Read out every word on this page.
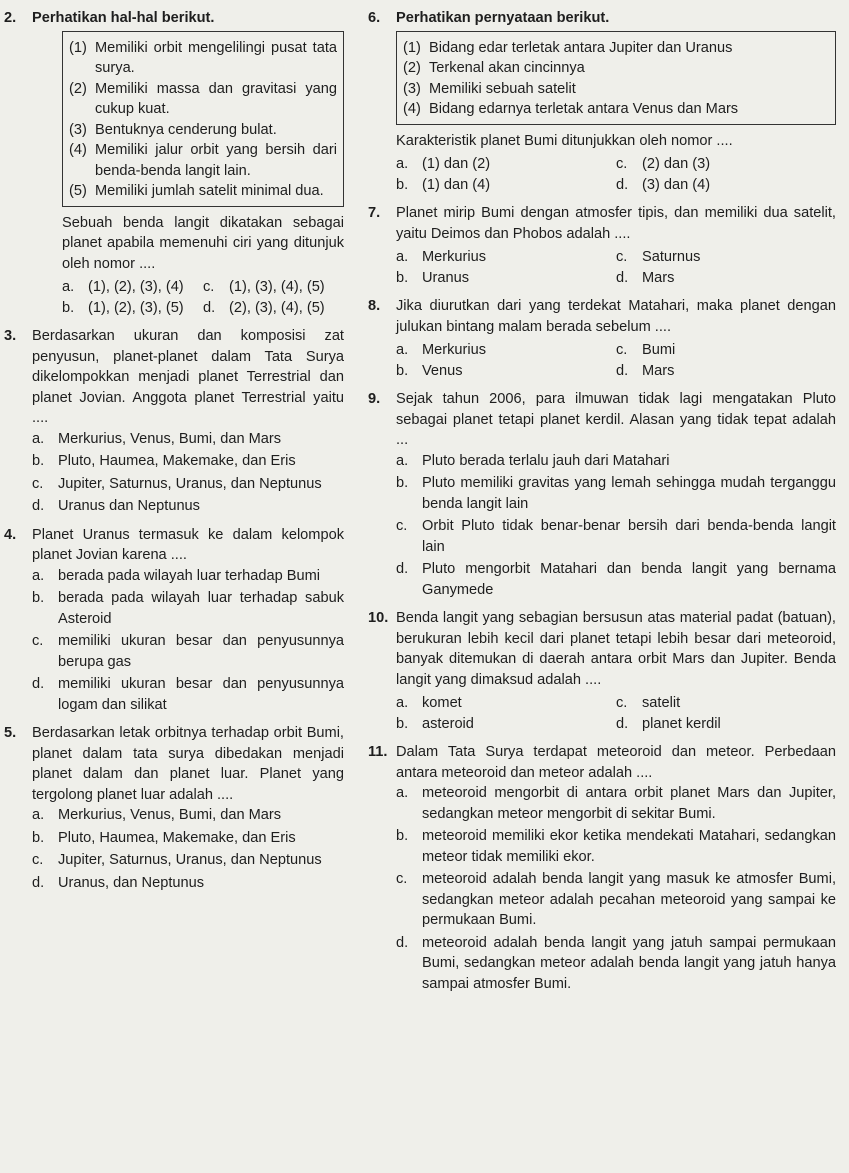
2. Perhatikan hal-hal berikut.
(1) Memiliki orbit mengelilingi pusat tata surya.
(2) Memiliki massa dan gravitasi yang cukup kuat.
(3) Bentuknya cenderung bulat.
(4) Memiliki jalur orbit yang bersih dari benda-benda langit lain.
(5) Memiliki jumlah satelit minimal dua.
Sebuah benda langit dikatakan sebagai planet apabila memenuhi ciri yang ditunjuk oleh nomor ....
a. (1), (2), (3), (4)	c. (1), (3), (4), (5)
b. (1), (2), (3), (5)	d. (2), (3), (4), (5)
3. Berdasarkan ukuran dan komposisi zat penyusun, planet-planet dalam Tata Surya dikelompokkan menjadi planet Terrestrial dan planet Jovian. Anggota planet Terrestrial yaitu ....
a. Merkurius, Venus, Bumi, dan Mars
b. Pluto, Haumea, Makemake, dan Eris
c. Jupiter, Saturnus, Uranus, dan Neptunus
d. Uranus dan Neptunus
4. Planet Uranus termasuk ke dalam kelompok planet Jovian karena ....
a. berada pada wilayah luar terhadap Bumi
b. berada pada wilayah luar terhadap sabuk Asteroid
c. memiliki ukuran besar dan penyusunnya berupa gas
d. memiliki ukuran besar dan penyusunnya logam dan silikat
5. Berdasarkan letak orbitnya terhadap orbit Bumi, planet dalam tata surya dibedakan menjadi planet dalam dan planet luar. Planet yang tergolong planet luar adalah ....
a. Merkurius, Venus, Bumi, dan Mars
b. Pluto, Haumea, Makemake, dan Eris
c. Jupiter, Saturnus, Uranus, dan Neptunus
d. Uranus, dan Neptunus
6. Perhatikan pernyataan berikut.
(1) Bidang edar terletak antara Jupiter dan Uranus
(2) Terkenal akan cincinnya
(3) Memiliki sebuah satelit
(4) Bidang edarnya terletak antara Venus dan Mars
Karakteristik planet Bumi ditunjukkan oleh nomor ....
a. (1) dan (2)	c. (2) dan (3)
b. (1) dan (4)	d. (3) dan (4)
7. Planet mirip Bumi dengan atmosfer tipis, dan memiliki dua satelit, yaitu Deimos dan Phobos adalah ....
a. Merkurius	c. Saturnus
b. Uranus	d. Mars
8. Jika diurutkan dari yang terdekat Matahari, maka planet dengan julukan bintang malam berada sebelum ....
a. Merkurius	c. Bumi
b. Venus	d. Mars
9. Sejak tahun 2006, para ilmuwan tidak lagi mengatakan Pluto sebagai planet tetapi planet kerdil. Alasan yang tidak tepat adalah ...
a. Pluto berada terlalu jauh dari Matahari
b. Pluto memiliki gravitas yang lemah sehingga mudah terganggu benda langit lain
c. Orbit Pluto tidak benar-benar bersih dari benda-benda langit lain
d. Pluto mengorbit Matahari dan benda langit yang bernama Ganymede
10. Benda langit yang sebagian bersusun atas material padat (batuan), berukuran lebih kecil dari planet tetapi lebih besar dari meteoroid, banyak ditemukan di daerah antara orbit Mars dan Jupiter. Benda langit yang dimaksud adalah ....
a. komet	c. satelit
b. asteroid	d. planet kerdil
11. Dalam Tata Surya terdapat meteoroid dan meteor. Perbedaan antara meteoroid dan meteor adalah ....
a. meteoroid mengorbit di antara orbit planet Mars dan Jupiter, sedangkan meteor mengorbit di sekitar Bumi.
b. meteoroid memiliki ekor ketika mendekati Matahari, sedangkan meteor tidak memiliki ekor.
c. meteoroid adalah benda langit yang masuk ke atmosfer Bumi, sedangkan meteor adalah pecahan meteoroid yang sampai ke permukaan Bumi.
d. meteoroid adalah benda langit yang jatuh sampai permukaan Bumi, sedangkan meteor adalah benda langit yang jatuh hanya sampai atmosfer Bumi.
